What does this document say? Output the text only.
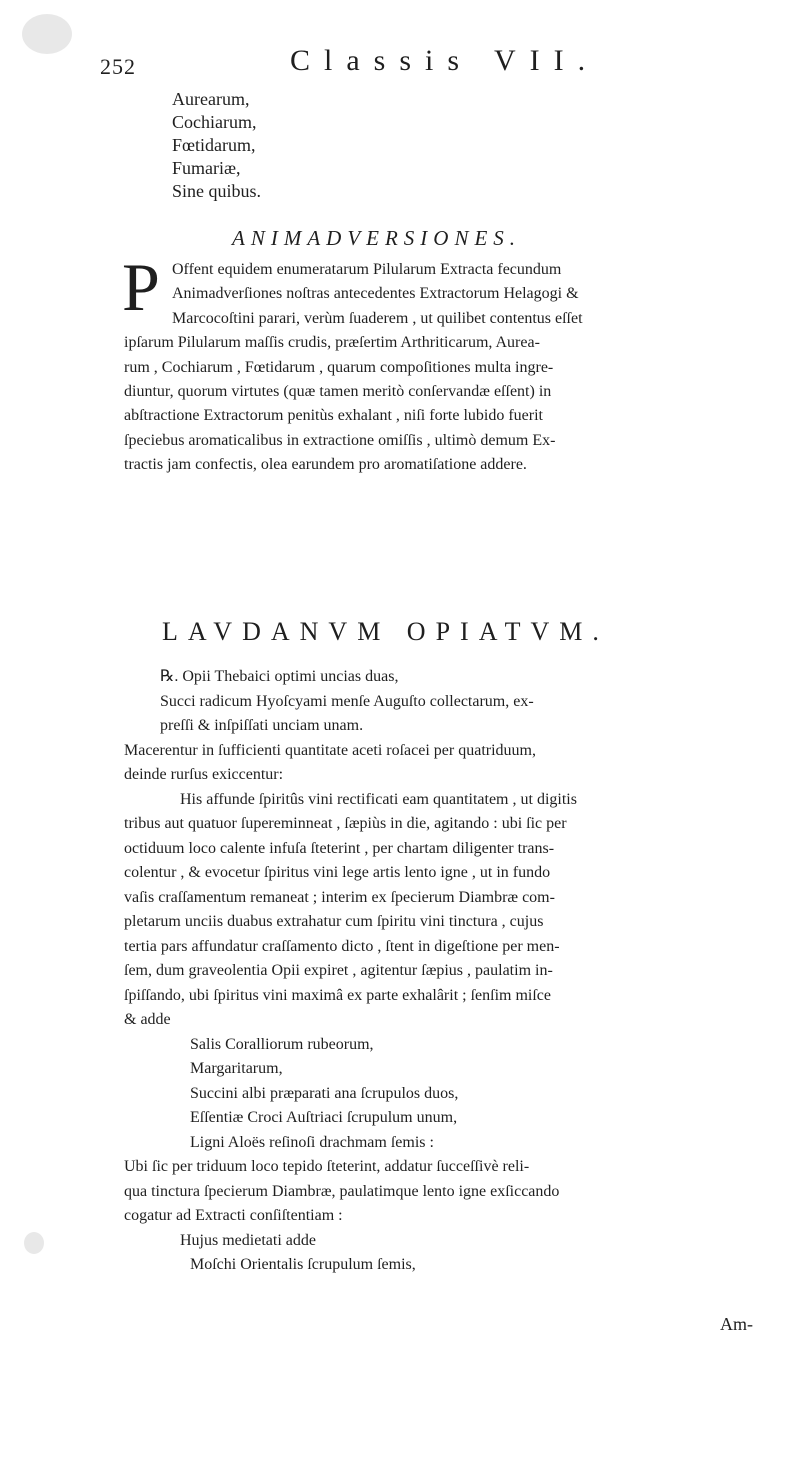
252	Classis VII.
Aurearum,
Cochiarum,
Fœtidarum,
Fumariæ,
Sine quibus.
ANIMADVERSIONES.
P Offent equidem enumeratarum Pilularum Extracta fecundum
Animadverſiones noſtras antecedentes Extractorum Helagogi &
Marcocoſtini parari, verùm ſuaderem , ut quilibet contentus eſſet
ipſarum Pilularum maſſis crudis, præſertim Arthriticarum, Aurea-
rum , Cochiarum , Fœtidarum , quarum compoſitiones multa ingre-
diuntur, quorum virtutes (quæ tamen meritò conſervandæ eſſent) in
abſtractione Extractorum penitùs exhalant , niſi forte lubido fuerit
ſpeciebus aromaticalibus in extractione omiſſis , ultimò demum Ex-
tractis jam confectis, olea earundem pro aromatiſatione addere.
LAVDANVM OPIATVM.
℞. Opii Thebaici optimi uncias duas,
Succi radicum Hyoſcyami menſe Auguſto collectarum, ex-
preſſi & inſpiſſati unciam unam.
Macerentur in ſufficienti quantitate aceti roſacei per quatriduum,
deinde rurſus exiccentur:
His affunde ſpiritûs vini rectificati eam quantitatem , ut digitis
tribus aut quatuor ſupereminneat , ſæpiùs in die, agitando : ubi ſic per
octiduum loco calente infuſa ſteterint , per chartam diligenter trans-
colentur , & evocetur ſpiritus vini lege artis lento igne , ut in fundo
vaſis craſſamentum remaneat ; interim ex ſpecierum Diambræ com-
pletarum unciis duabus extrahatur cum ſpiritu vini tinctura , cujus
tertia pars affundatur craſſamento dicto , ſtent in digeſtione per men-
ſem, dum graveolentia Opii expiret , agitentur ſæpius , paulatim in-
ſpiſſando, ubi ſpiritus vini maximâ ex parte exhalârit ; ſenſim miſce
& adde
Salis Coralliorum rubeorum,
Margaritarum,
Succini albi præparati ana ſcrupulos duos,
Eſſentiæ Croci Auſtriaci ſcrupulum unum,
Ligni Aloës reſinoſi drachmam ſemis :
Ubi ſic per triduum loco tepido ſteterint, addatur ſucceſſivè reli-
qua tinctura ſpecierum Diambræ, paulatimque lento igne exſiccando
cogatur ad Extracti conſiſtentiam :
Hujus medietati adde
Moſchi Orientalis ſcrupulum ſemis,
Am-
